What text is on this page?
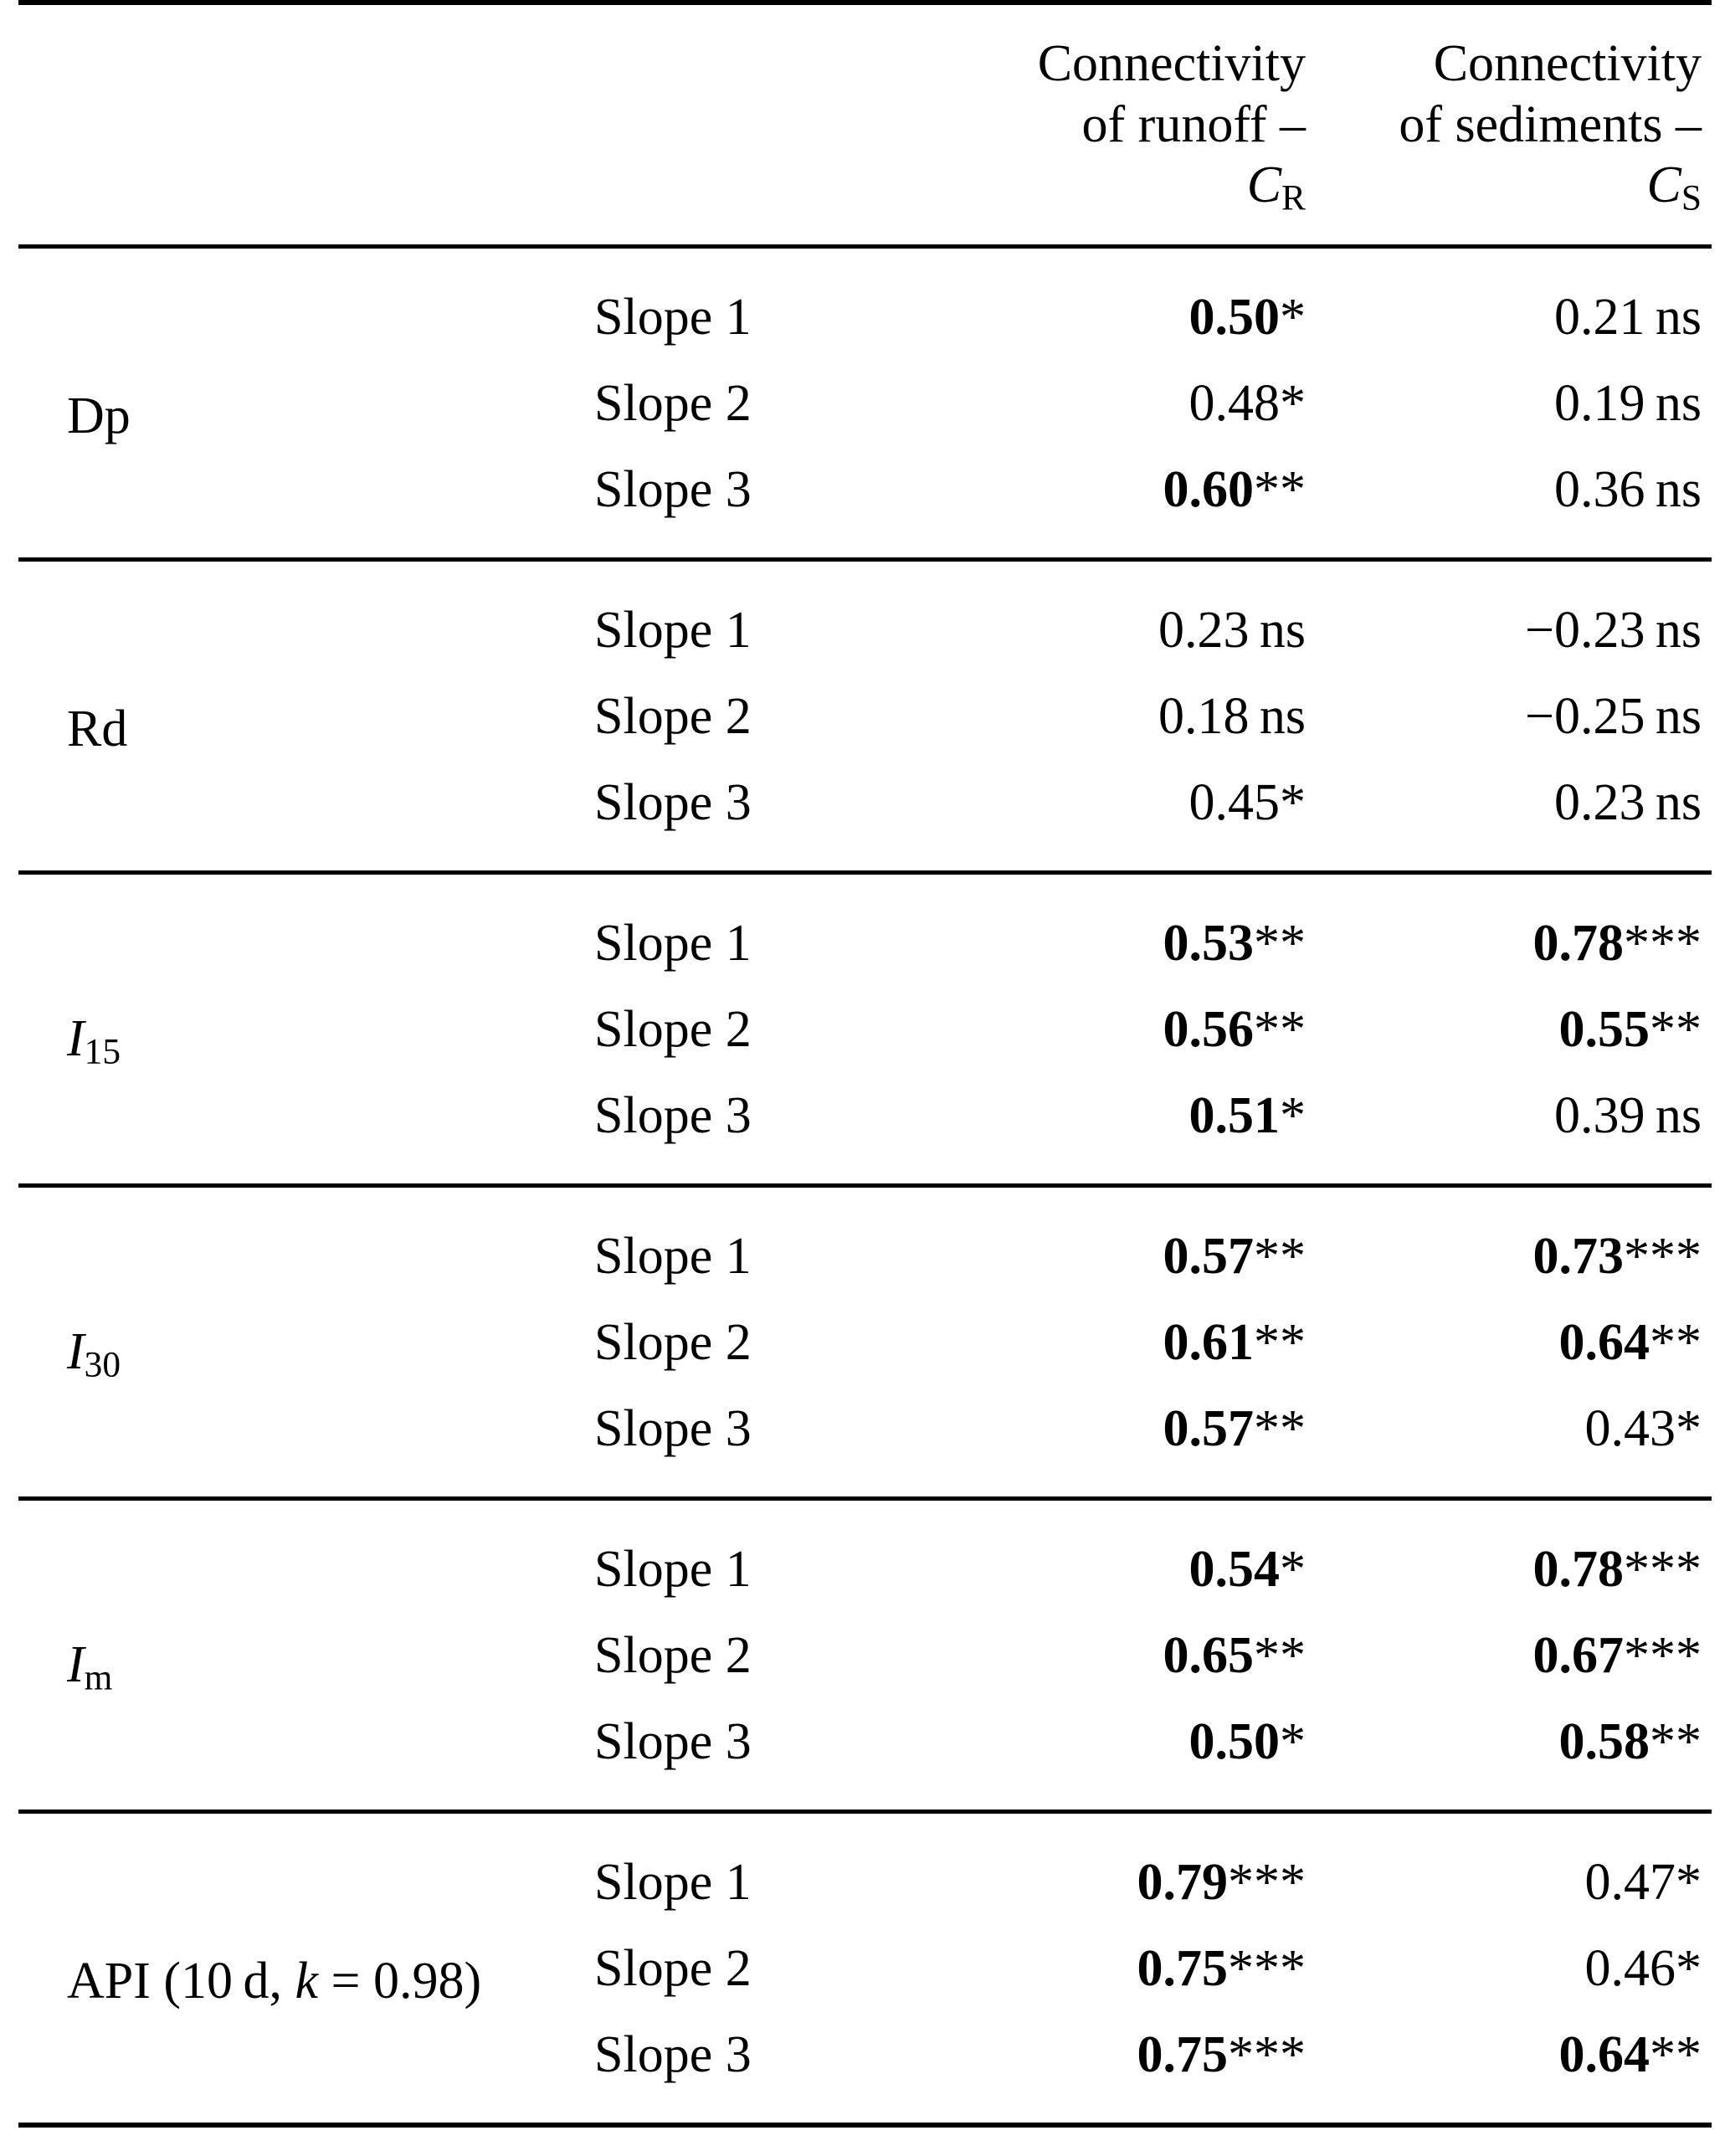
		Connectivity
of runoff –
$C_R$	Connectivity
of sediments –
$C_S$

Dp	Slope 1	0.50*	0.21 ns
	Slope 2	0.48*	0.19 ns
	Slope 3	0.60**	0.36 ns
Rd	Slope 1	0.23 ns	−0.23 ns
	Slope 2	0.18 ns	−0.25 ns
	Slope 3	0.45*	0.23 ns
$I_{15}$	Slope 1	0.53**	0.78***
	Slope 2	0.56**	0.55**
	Slope 3	0.51*	0.39 ns
$I_{30}$	Slope 1	0.57**	0.73***
	Slope 2	0.61**	0.64**
	Slope 3	0.57**	0.43*
$I_m$	Slope 1	0.54*	0.78***
	Slope 2	0.65**	0.67***
	Slope 3	0.50*	0.58**
API (10 d, k = 0.98)	Slope 1	0.79***	0.47*
	Slope 2	0.75***	0.46*
	Slope 3	0.75***	0.64**
